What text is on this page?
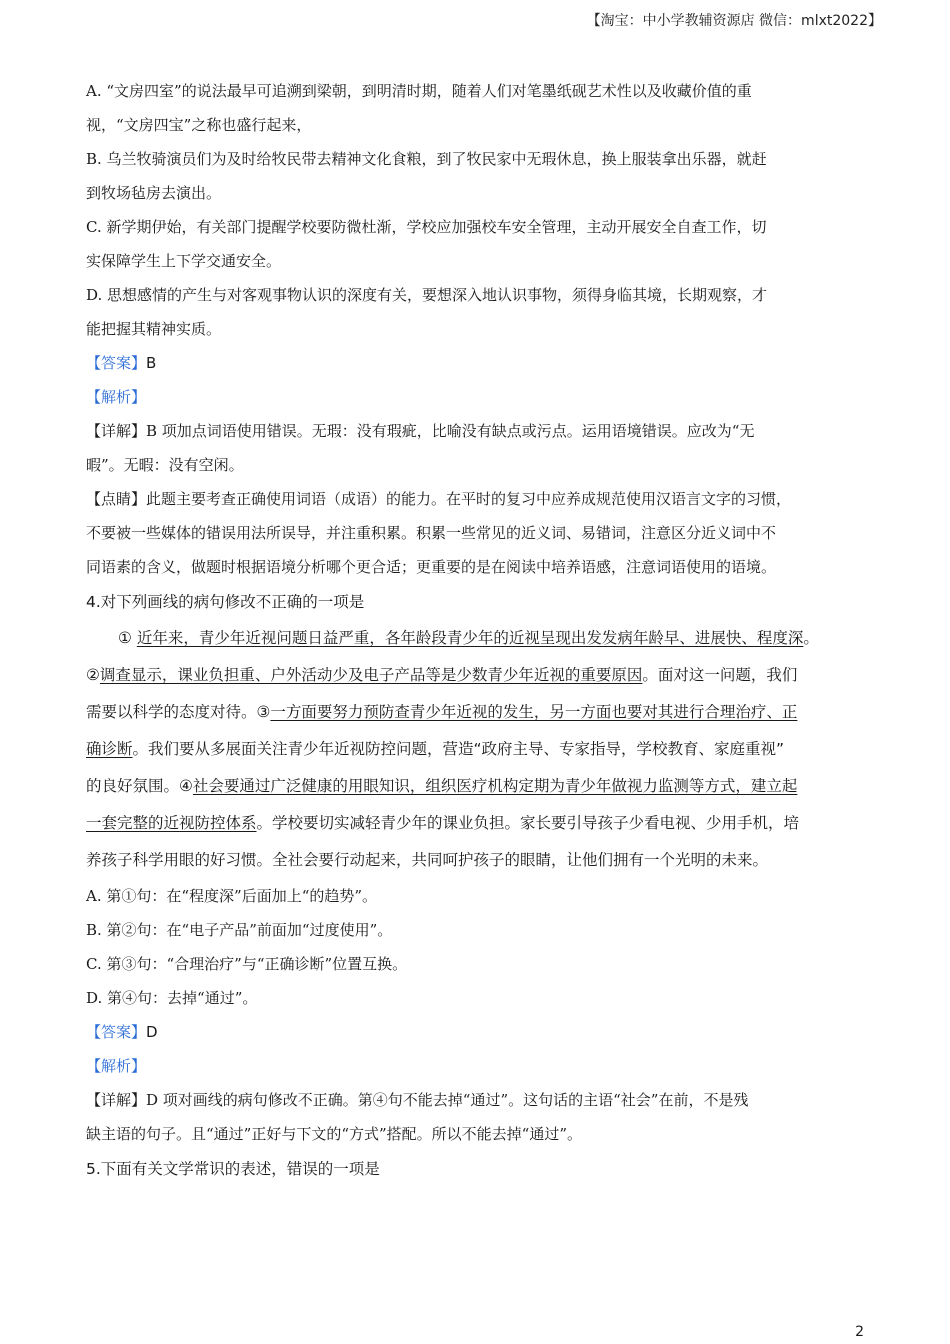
【淘宝：中小学教辅资源店 微信：mlxt2022】
A. “文房四室”的说法最早可追溯到梁朝，到明清时期，随着人们对笔墨纸砚艺术性以及收藏价值的重
视，“文房四宝”之称也盛行起来，
B. 乌兰牧骑演员们为及时给牧民带去精神文化食粮，到了牧民家中无瑕休息，换上服装拿出乐器，就赶
到牧场毡房去演出。
C. 新学期伊始，有关部门提醒学校要防微杜渐，学校应加强校车安全管理，主动开展安全自查工作，切
实保障学生上下学交通安全。
D. 思想感情的产生与对客观事物认识的深度有关，要想深入地认识事物，须得身临其境，长期观察，才
能把握其精神实质。
【答案】B
【解析】
【详解】B 项加点词语使用错误。无瑕：没有瑕疵，比喻没有缺点或污点。运用语境错误。应改为“无
暇”。无暇：没有空闲。
【点睛】此题主要考查正确使用词语（成语）的能力。在平时的复习中应养成规范使用汉语言文字的习惯，
不要被一些媒体的错误用法所误导，并注重积累。积累一些常见的近义词、易错词，注意区分近义词中不
同语素的含义，做题时根据语境分析哪个更合适；更重要的是在阅读中培养语感，注意词语使用的语境。
4.对下列画线的病句修改不正确的一项是
① 近年来，青少年近视问题日益严重，各年龄段青少年的近视呈现出发发病年龄早、进展快、程度深。
②调查显示，课业负担重、户外活动少及电子产品等是少数青少年近视的重要原因。面对这一问题，我们
需要以科学的态度对待。③一方面要努力预防查青少年近视的发生，另一方面也要对其进行合理治疗、正
确诊断。我们要从多展面关注青少年近视防控问题，营造“政府主导、专家指导，学校教育、家庭重视”
的良好氛围。④社会要通过广泛健康的用眼知识，组织医疗机构定期为青少年做视力监测等方式，建立起
一套完整的近视防控体系。学校要切实减轻青少年的课业负担。家长要引导孩子少看电视、少用手机，培
养孩子科学用眼的好习惯。全社会要行动起来，共同呵护孩子的眼睛，让他们拥有一个光明的未来。
A. 第①句：在“程度深”后面加上“的趋势”。
B. 第②句：在“电子产品”前面加“过度使用”。
C. 第③句：“合理治疗”与“正确诊断”位置互换。
D. 第④句：去掉“通过”。
【答案】D
【解析】
【详解】D 项对画线的病句修改不正确。第④句不能去掉“通过”。这句话的主语“社会”在前，不是残
缺主语的句子。且“通过”正好与下文的“方式”搭配。所以不能去掉“通过”。
5.下面有关文学常识的表述，错误的一项是
2
